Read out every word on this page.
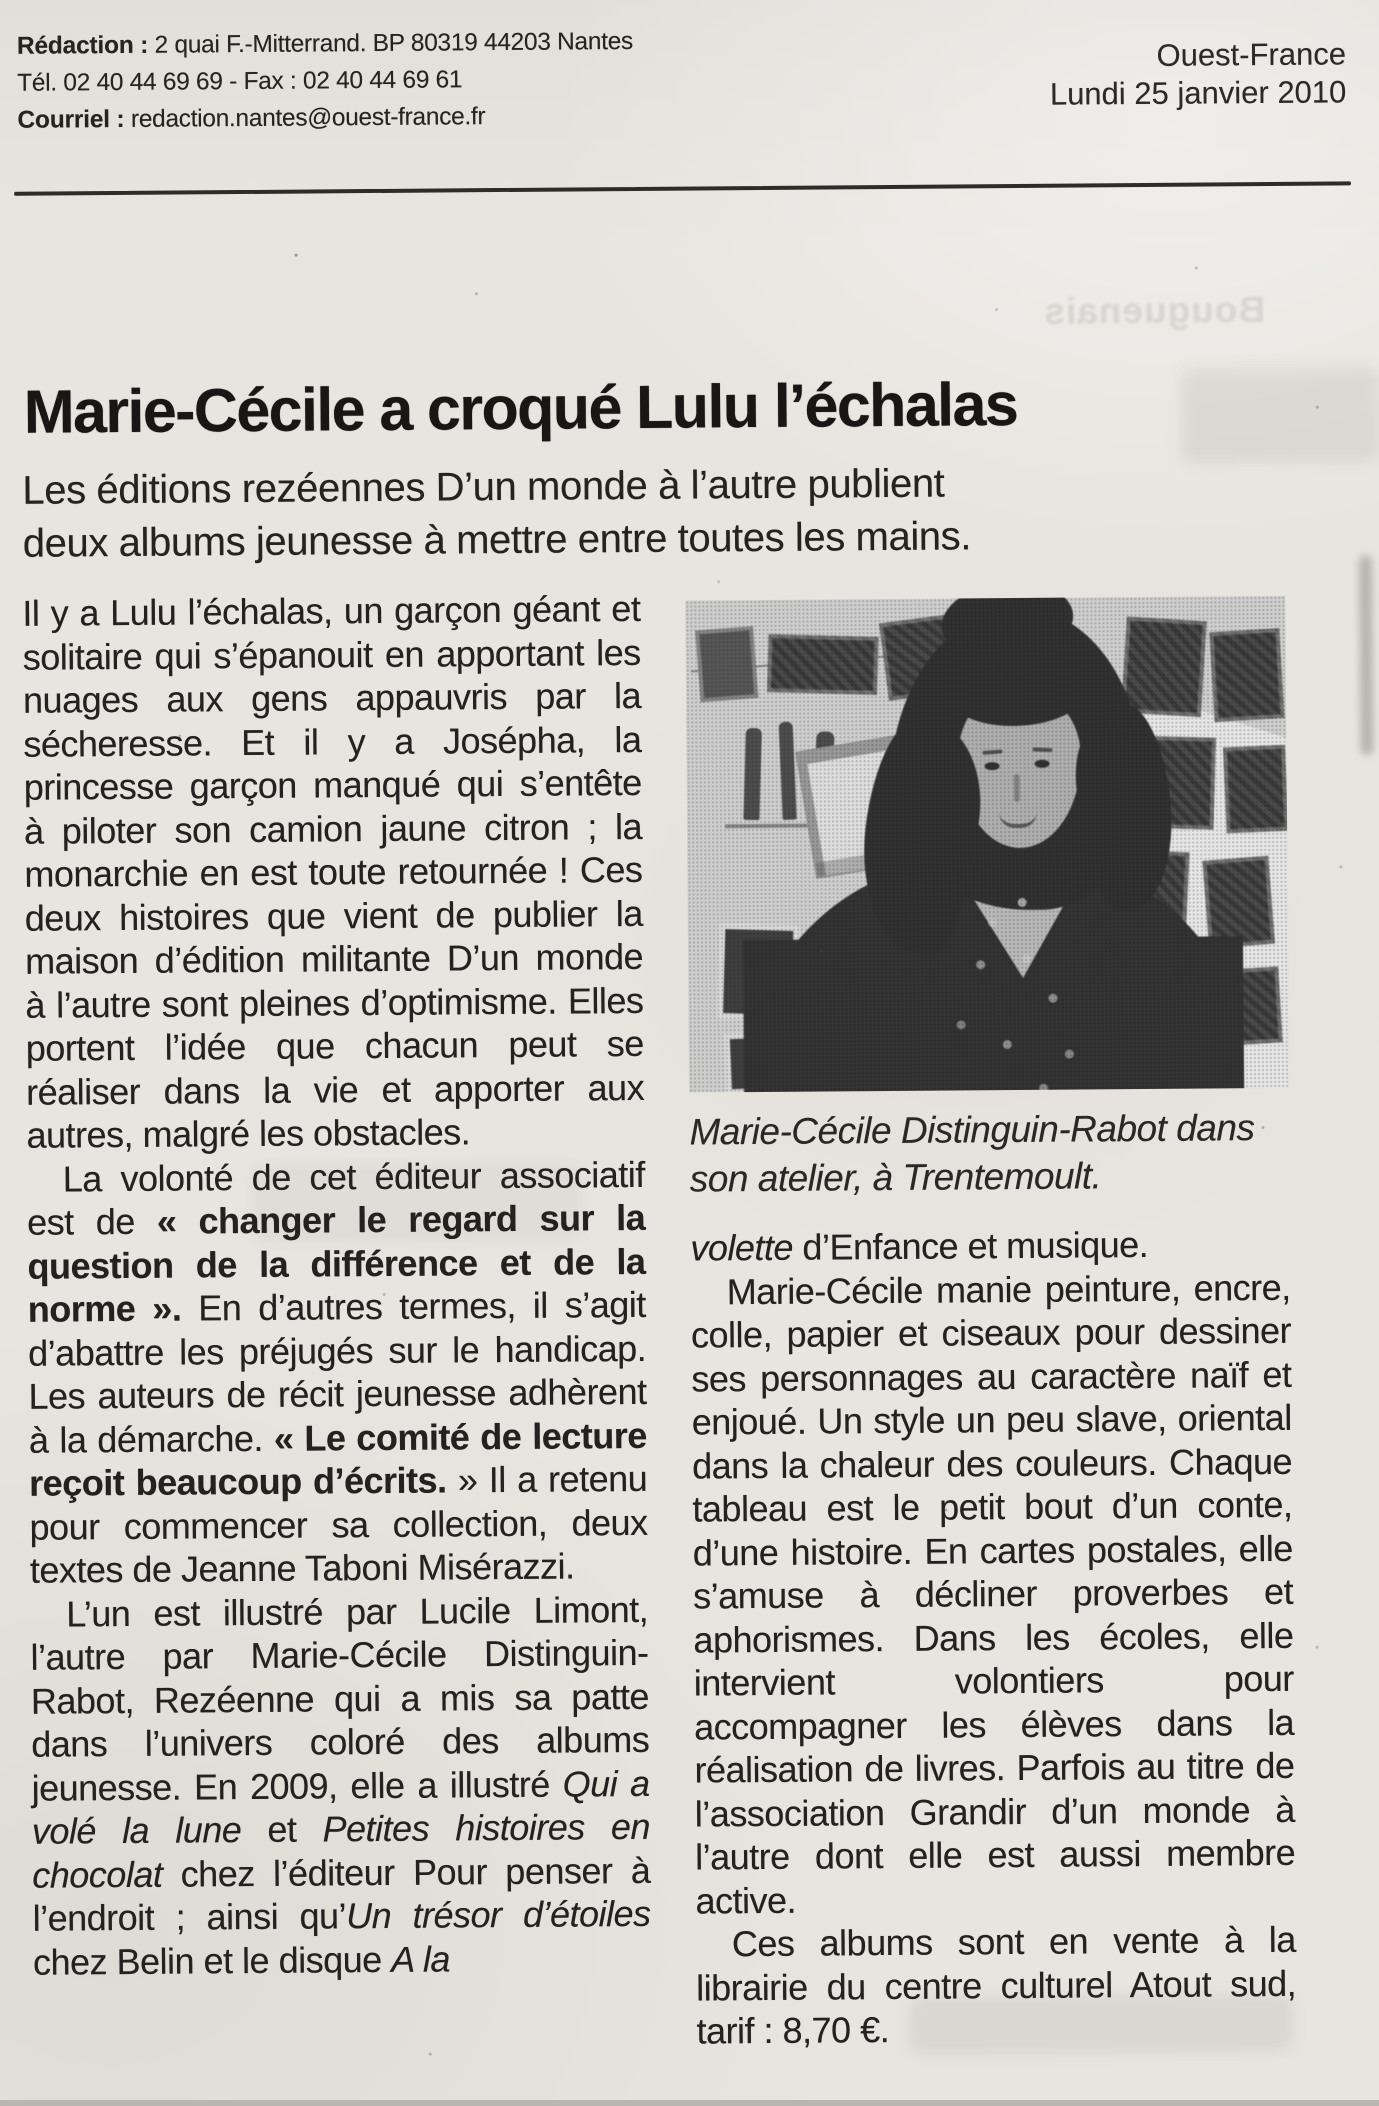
Bouguenais
Rédaction : 2 quai F.-Mitterrand. BP 80319 44203 Nantes
Tél. 02 40 44 69 69 - Fax : 02 40 44 69 61
Courriel : redaction.nantes@ouest-france.fr
Ouest-France
Lundi 25 janvier 2010
Marie-Cécile a croqué Lulu l’échalas
Les éditions rezéennes D’un monde à l’autre publient
deux albums jeunesse à mettre entre toutes les mains.

Il y a Lulu l’échalas, un garçon géant et solitaire qui s’épanouit en apportant les nuages aux gens appauvris par la sécheresse. Et il y a Josépha, la princesse garçon manqué qui s’entête à piloter son camion jaune citron ; la monarchie en est toute retournée ! Ces deux histoires que vient de publier la maison d’édition militante D’un monde à l’autre sont pleines d’optimisme. Elles portent l’idée que chacun peut se réaliser dans la vie et apporter aux autres, malgré les obstacles.

La volonté de cet éditeur associatif est de « changer le regard sur la question de la différence et de la norme ». En d’autres termes, il s’agit d’abattre les préjugés sur le handicap. Les auteurs de récit jeunesse adhèrent à la démarche. « Le comité de lecture reçoit beaucoup d’écrits. » Il a retenu pour commencer sa collection, deux textes de Jeanne Taboni Misérazzi.

L’un est illustré par Lucile Limont, l’autre par Marie-Cécile Distinguin-Rabot, Rezéenne qui a mis sa patte dans l’univers coloré des albums jeunesse. En 2009, elle a illustré Qui a volé la lune et Petites histoires en chocolat chez l’éditeur Pour penser à l’endroit ; ainsi qu’Un trésor d’étoiles chez Belin et le disque A la

Marie-Cécile Distinguin-Rabot dans
son atelier, à Trentemoult.

volette d’Enfance et musique.

Marie-Cécile manie peinture, encre, colle, papier et ciseaux pour dessiner ses personnages au caractère naïf et enjoué. Un style un peu slave, oriental dans la chaleur des couleurs. Chaque tableau est le petit bout d’un conte, d’une histoire. En cartes postales, elle s’amuse à décliner proverbes et aphorismes. Dans les écoles, elle intervient volontiers pour accompagner les élèves dans la réalisation de livres. Parfois au titre de l’association Grandir d’un monde à l’autre dont elle est aussi membre active.

Ces albums sont en vente à la librairie du centre culturel Atout sud, tarif : 8,70 €.
